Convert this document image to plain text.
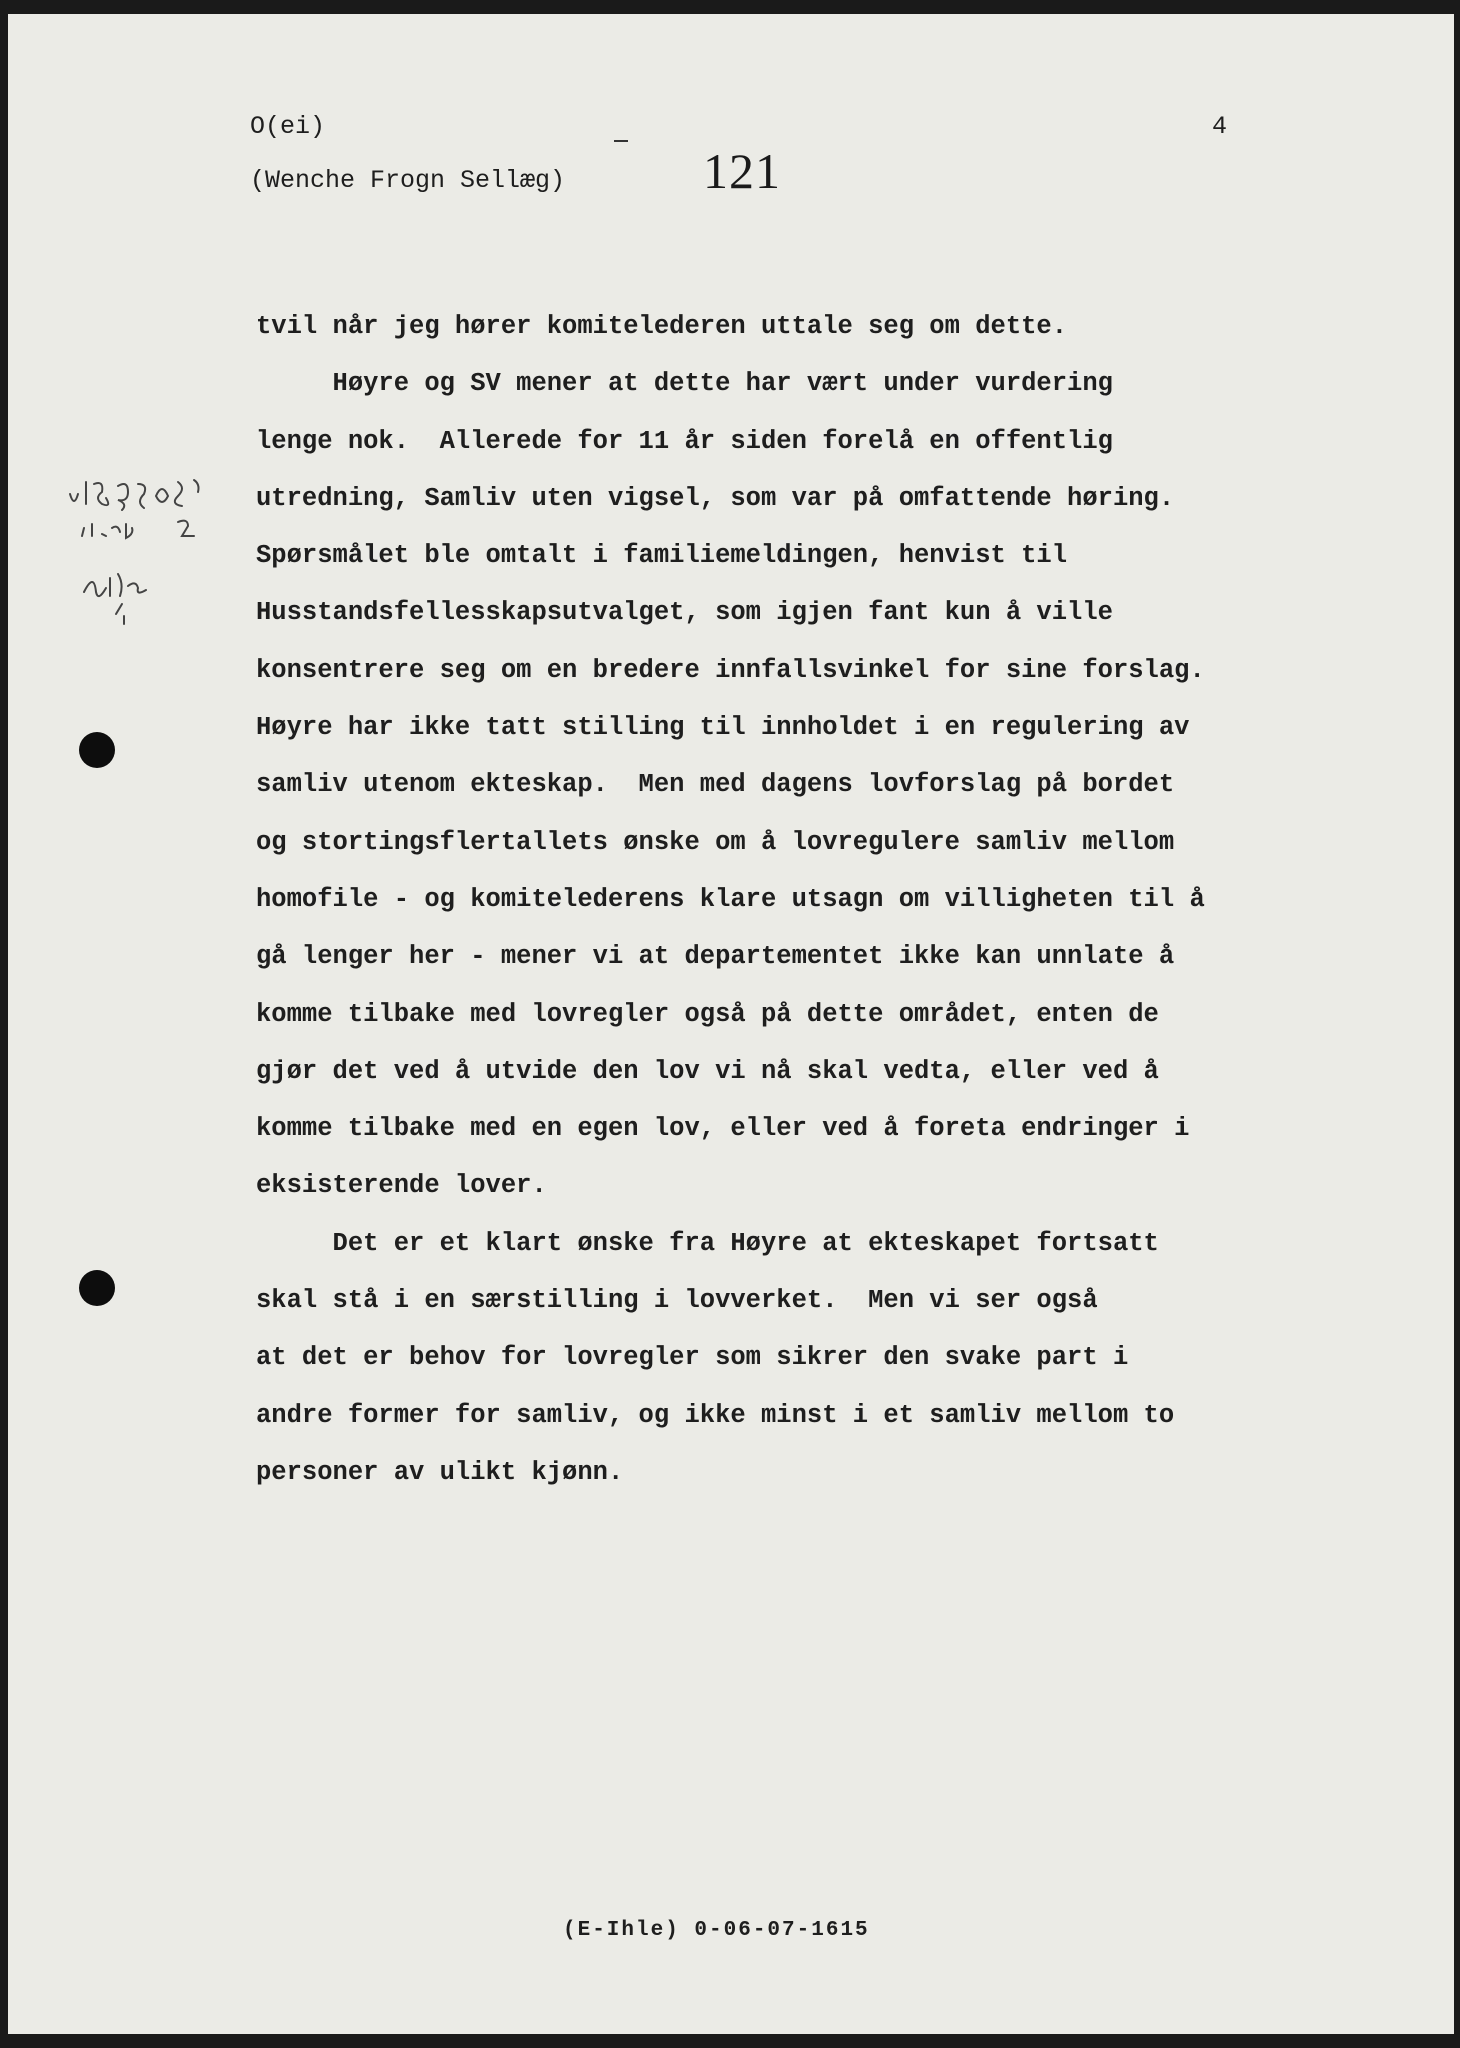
O(ei)
(Wenche Frogn Sellæg)
4
121
tvil når jeg hører komitelederen uttale seg om dette.
Høyre og SV mener at dette har vært under vurdering
lenge nok.  Allerede for 11 år siden forelå en offentlig
utredning, Samliv uten vigsel, som var på omfattende høring.
Spørsmålet ble omtalt i familiemeldingen, henvist til
Husstandsfellesskapsutvalget, som igjen fant kun å ville
konsentrere seg om en bredere innfallsvinkel for sine forslag.
Høyre har ikke tatt stilling til innholdet i en regulering av
samliv utenom ekteskap.  Men med dagens lovforslag på bordet
og stortingsflertallets ønske om å lovregulere samliv mellom
homofile - og komitelederens klare utsagn om villigheten til å
gå lenger her - mener vi at departementet ikke kan unnlate å
komme tilbake med lovregler også på dette området, enten de
gjør det ved å utvide den lov vi nå skal vedta, eller ved å
komme tilbake med en egen lov, eller ved å foreta endringer i
eksisterende lover.
Det er et klart ønske fra Høyre at ekteskapet fortsatt
skal stå i en særstilling i lovverket.  Men vi ser også
at det er behov for lovregler som sikrer den svake part i
andre former for samliv, og ikke minst i et samliv mellom to
personer av ulikt kjønn.
(E-Ihle) 0-06-07-1615
